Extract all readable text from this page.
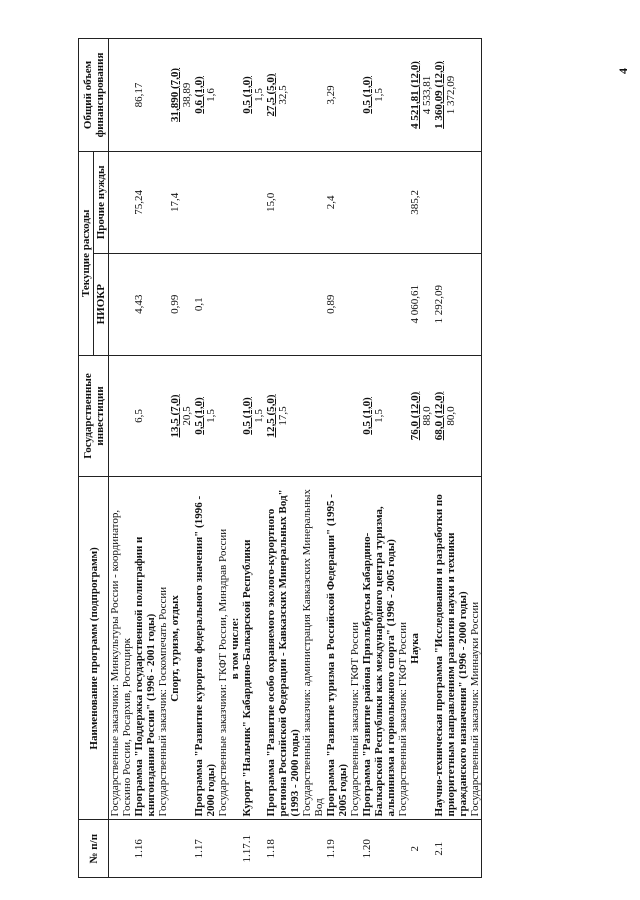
4
№ п/п	Наименование программ (подпрограмм)	Государственные инвестиции	Текущие расходы		Общий объем финансирования
			НИОКР	Прочие нужды	
	Государственные заказчики: Минкультуры России - координатор, Госкино России, Росархив, Ростоцирк				
1.16	Программа "Поддержка государственной полиграфии и книгоиздания России" (1996 - 2001 годы)	6,5	4,43	75,24	86,17

	Государственный заказчик: Госкомпечать России				
	Спорт, туризм, отдых	13,5 (7,0) 20,5	0,99	17,4	31,890 (7,0) 38,89

1.17	Программа "Развитие курортов федерального значения" (1996 - 2000 годы)	0,5 (1,0) 1,5	0,1		0,6 (1,0) 1,6

	Государственные заказчики: ГКФТ России, Минздрав России				
	в том числе:				
1.17.1	Курорт "Нальчик" Кабардино-Балкарской Республики	0,5 (1,0) 1,5			0,5 (1,0) 1,5

1.18	Программа "Развитие особо охраняемого эколого-курортного региона Российской Федерации - Кавказских Минеральных Вод" (1993 - 2000 годы)	12,5 (5,0) 17,5		15,0	27,5 (5,0) 32,5

	Государственный заказчик: администрация Кавказских Минеральных Вод				
1.19	Программа "Развитие туризма в Российской Федерации" (1995 - 2005 годы)		0,89	2,4	3,29

	Государственный заказчик: ГКФТ России				
1.20	Программа "Развитие района Приэльбрусья Кабардино-Балкарской Республики как международного центра туризма, альпинизма и горнолыжного спорта" (1996 - 2005 годы)	0,5 (1,0) 1,5			0,5 (1,0) 1,5

	Государственный заказчик: ГКФТ России				
2	Наука	76,0 (12,0) 88,0	4 060,61	385,2	4 521,81 (12,0) 4 533,81

2.1	Научно-техническая программа "Исследования и разработки по приоритетным направлениям развития науки и техники гражданского назначения" (1996 - 2000 годы)	68,0 (12,0) 80,0	1 292,09		1 360,09 (12,0) 1 372,09

	Государственный заказчик: Миннауки России				
